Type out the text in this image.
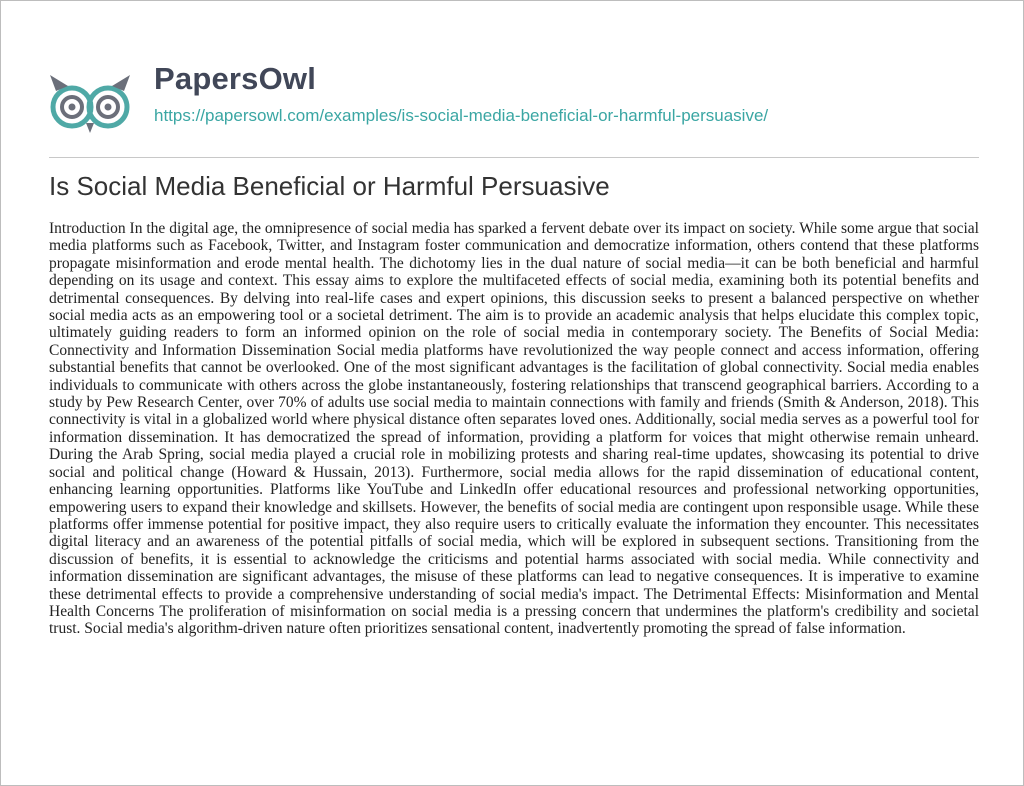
PapersOwl
https://papersowl.com/examples/is-social-media-beneficial-or-harmful-persuasive/
Is Social Media Beneficial or Harmful Persuasive

Introduction In the digital age, the omnipresence of social media has sparked a fervent debate over its impact on society. While some argue that social media platforms such as Facebook, Twitter, and Instagram foster communication and democratize information, others contend that these platforms propagate misinformation and erode mental health. The dichotomy lies in the dual nature of social media—it can be both beneficial and harmful depending on its usage and context. This essay aims to explore the multifaceted effects of social media, examining both its potential benefits and detrimental consequences. By delving into real-life cases and expert opinions, this discussion seeks to present a balanced perspective on whether social media acts as an empowering tool or a societal detriment. The aim is to provide an academic analysis that helps elucidate this complex topic, ultimately guiding readers to form an informed opinion on the role of social media in contemporary society. The Benefits of Social Media: Connectivity and Information Dissemination Social media platforms have revolutionized the way people connect and access information, offering substantial benefits that cannot be overlooked. One of the most significant advantages is the facilitation of global connectivity. Social media enables individuals to communicate with others across the globe instantaneously, fostering relationships that transcend geographical barriers. According to a study by Pew Research Center, over 70% of adults use social media to maintain connections with family and friends (Smith & Anderson, 2018). This connectivity is vital in a globalized world where physical distance often separates loved ones. Additionally, social media serves as a powerful tool for information dissemination. It has democratized the spread of information, providing a platform for voices that might otherwise remain unheard. During the Arab Spring, social media played a crucial role in mobilizing protests and sharing real-time updates, showcasing its potential to drive social and political change (Howard & Hussain, 2013). Furthermore, social media allows for the rapid dissemination of educational content, enhancing learning opportunities. Platforms like YouTube and LinkedIn offer educational resources and professional networking opportunities, empowering users to expand their knowledge and skillsets. However, the benefits of social media are contingent upon responsible usage. While these platforms offer immense potential for positive impact, they also require users to critically evaluate the information they encounter. This necessitates digital literacy and an awareness of the potential pitfalls of social media, which will be explored in subsequent sections. Transitioning from the discussion of benefits, it is essential to acknowledge the criticisms and potential harms associated with social media. While connectivity and information dissemination are significant advantages, the misuse of these platforms can lead to negative consequences. It is imperative to examine these detrimental effects to provide a comprehensive understanding of social media's impact. The Detrimental Effects: Misinformation and Mental Health Concerns The proliferation of misinformation on social media is a pressing concern that undermines the platform's credibility and societal trust. Social media's algorithm-driven nature often prioritizes sensational content, inadvertently promoting the spread of false information.
